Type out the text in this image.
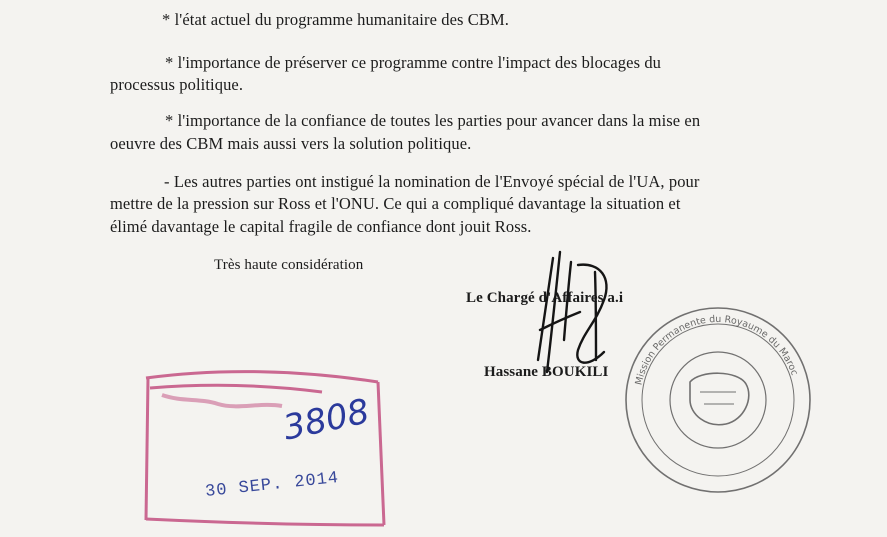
* l'état actuel du programme humanitaire des CBM.
* l'importance de préserver ce programme contre l'impact des blocages du
processus politique.
* l'importance de la confiance de toutes les parties pour avancer dans la mise en
oeuvre des CBM mais aussi vers la solution politique.
- Les autres parties ont instigué la nomination de l'Envoyé spécial de l'UA, pour
mettre de la pression sur Ross et l'ONU. Ce qui a compliqué davantage la situation et
élimé davantage le capital fragile de confiance dont jouit Ross.
Très haute considération
Le Chargé d'Affaires a.i
Hassane BOUKILI
3808
30 SEP. 2014
Mission Permanente du Royaume du Maroc
